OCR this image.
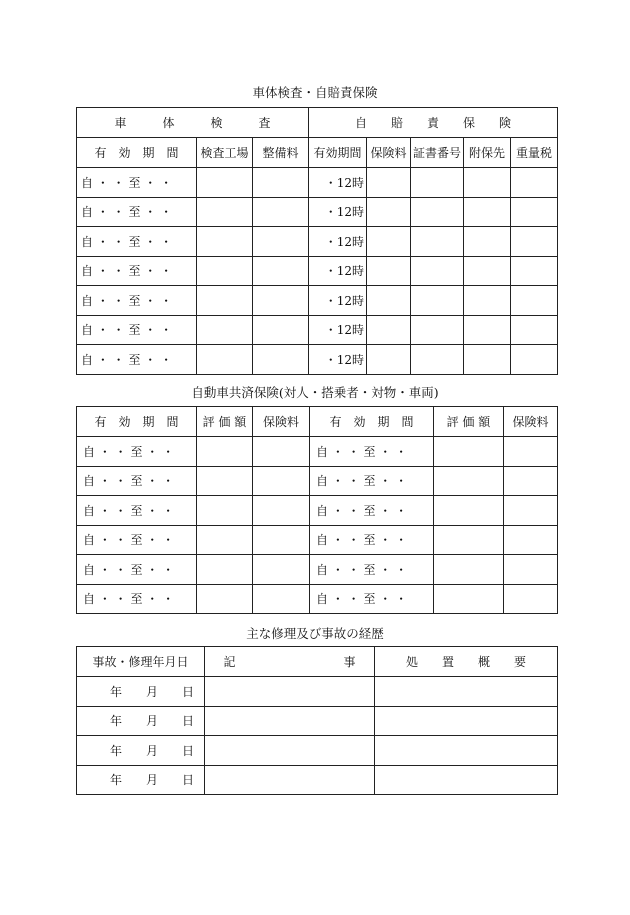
車体検査・自賠責保険
車　　　体　　　検　　　査			自　　賠　　責　　保　　険				
有　効　期　間	検査工場	整備料	有効期間	保険料	証書番号	附保先	重量税
自 ・ ・ 至 ・ ・			・12時				
自 ・ ・ 至 ・ ・			・12時				
自 ・ ・ 至 ・ ・			・12時				
自 ・ ・ 至 ・ ・			・12時				
自 ・ ・ 至 ・ ・			・12時				
自 ・ ・ 至 ・ ・			・12時				
自 ・ ・ 至 ・ ・			・12時				
自動車共済保険(対人・搭乗者・対物・車両)
有　効　期　間	評 価 額	保険料	有　効　期　間	評 価 額	保険料
自 ・ ・ 至 ・ ・			自 ・ ・ 至 ・ ・		
自 ・ ・ 至 ・ ・			自 ・ ・ 至 ・ ・		
自 ・ ・ 至 ・ ・			自 ・ ・ 至 ・ ・		
自 ・ ・ 至 ・ ・			自 ・ ・ 至 ・ ・		
自 ・ ・ 至 ・ ・			自 ・ ・ 至 ・ ・		
自 ・ ・ 至 ・ ・			自 ・ ・ 至 ・ ・		
主な修理及び事故の経歴
事故・修理年月日	記　　　　　　　　　事	処　　置　　概　　要
年　　月　　日		
年　　月　　日		
年　　月　　日		
年　　月　　日		
